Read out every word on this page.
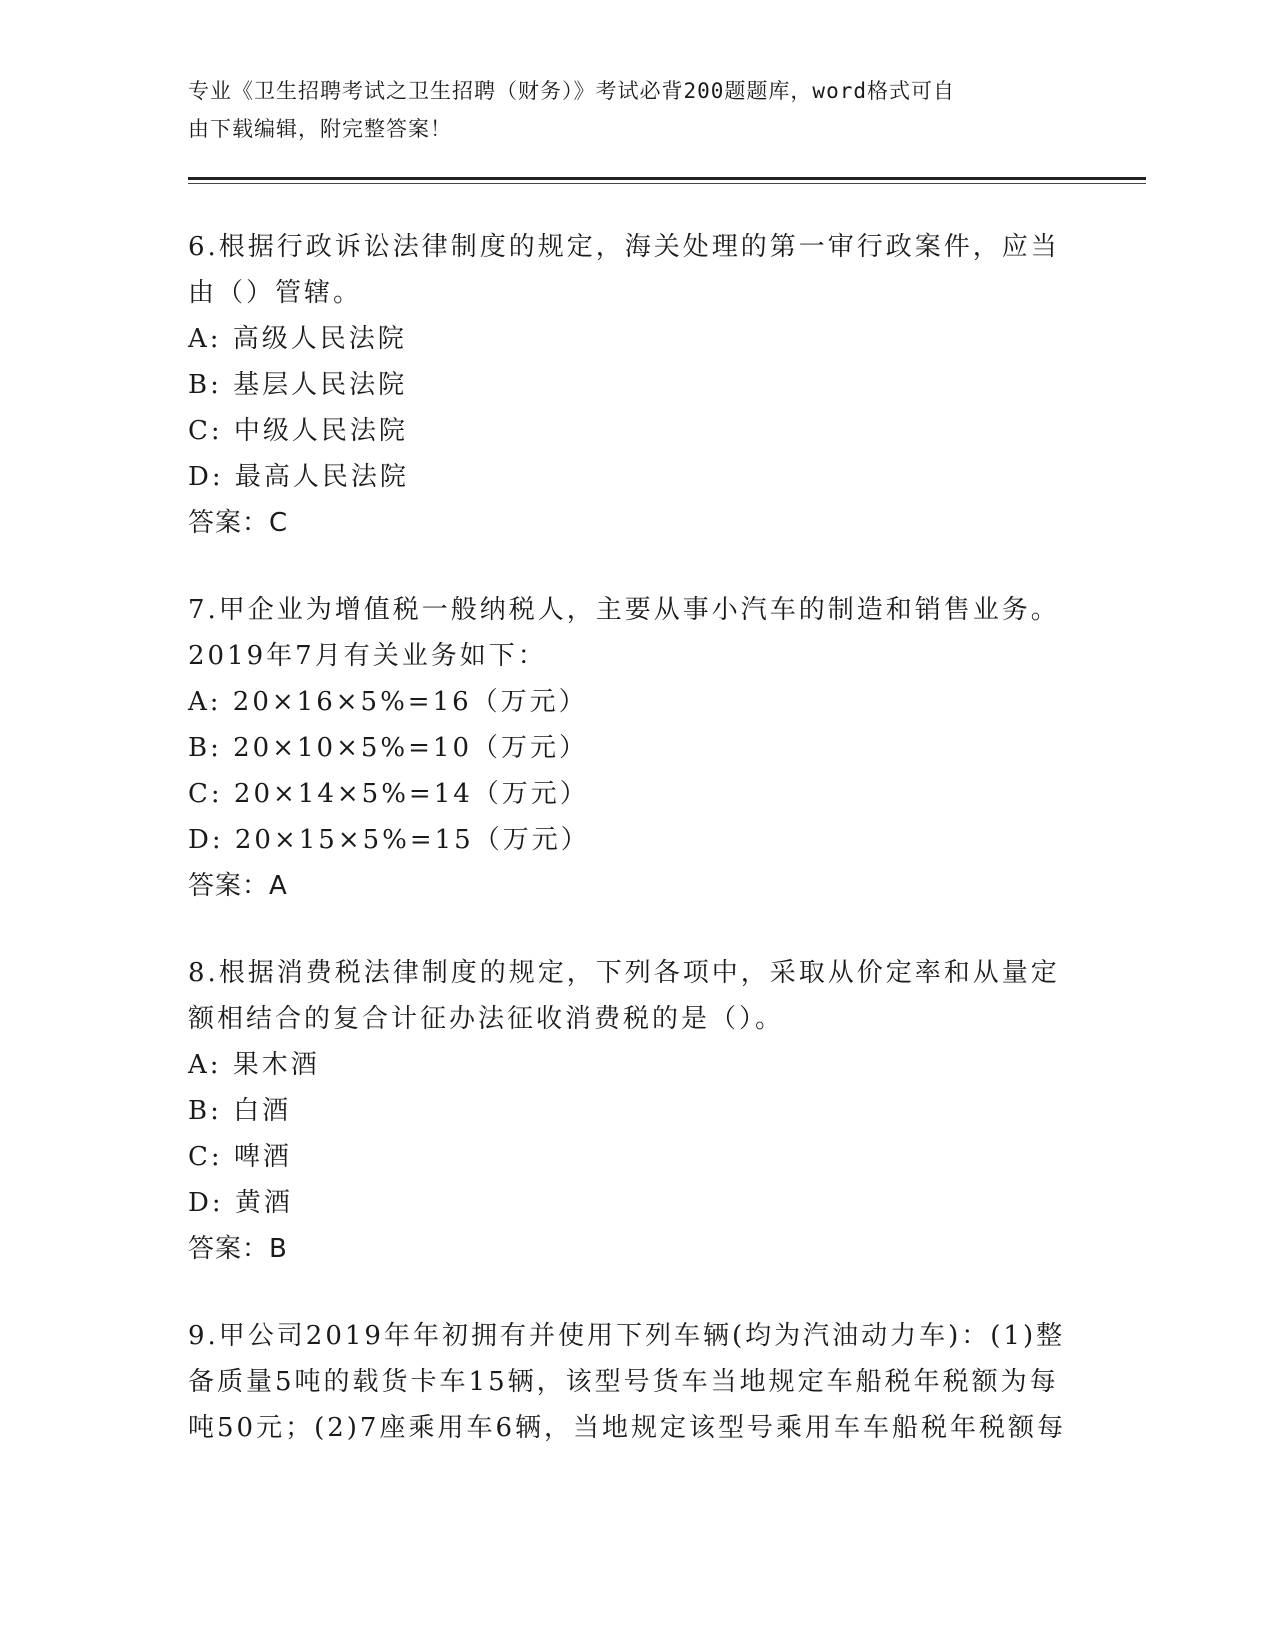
专业《卫生招聘考试之卫生招聘（财务）》考试必背200题题库，word格式可自

由下载编辑，附完整答案！

6.根据行政诉讼法律制度的规定，海关处理的第一审行政案件，应当

由（）管辖。

A: 高级人民法院

B: 基层人民法院

C: 中级人民法院

D: 最高人民法院

答案：C

7.甲企业为增值税一般纳税人，主要从事小汽车的制造和销售业务。

2019年7月有关业务如下：

A: 20×16×5%=16（万元）

B: 20×10×5%=10（万元）

C: 20×14×5%=14（万元）

D: 20×15×5%=15（万元）

答案：A

8.根据消费税法律制度的规定，下列各项中，采取从价定率和从量定

额相结合的复合计征办法征收消费税的是（）。

A: 果木酒

B: 白酒

C: 啤酒

D: 黄酒

答案：B

9.甲公司2019年年初拥有并使用下列车辆(均为汽油动力车)：(1)整

备质量5吨的载货卡车15辆，该型号货车当地规定车船税年税额为每

吨50元；(2)7座乘用车6辆，当地规定该型号乘用车车船税年税额每
